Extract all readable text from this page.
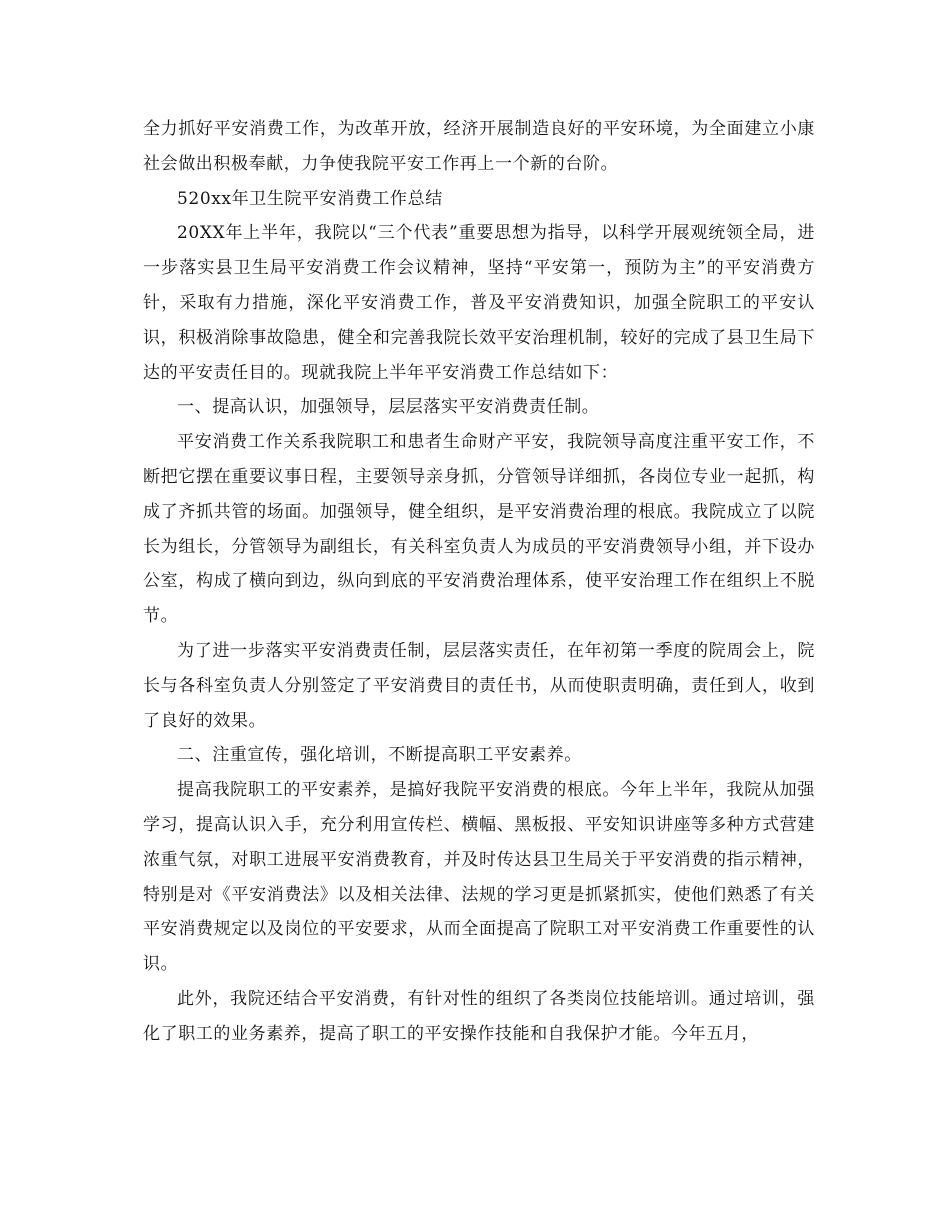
全力抓好平安消费工作，为改革开放，经济开展制造良好的平安环境，为全面建立小康社会做出积极奉献，力争使我院平安工作再上一个新的台阶。

520xx年卫生院平安消费工作总结

20XX年上半年，我院以“三个代表”重要思想为指导，以科学开展观统领全局，进一步落实县卫生局平安消费工作会议精神，坚持“平安第一，预防为主”的平安消费方针，采取有力措施，深化平安消费工作，普及平安消费知识，加强全院职工的平安认识，积极消除事故隐患，健全和完善我院长效平安治理机制，较好的完成了县卫生局下达的平安责任目的。现就我院上半年平安消费工作总结如下：

一、提高认识，加强领导，层层落实平安消费责任制。

平安消费工作关系我院职工和患者生命财产平安，我院领导高度注重平安工作，不断把它摆在重要议事日程，主要领导亲身抓，分管领导详细抓，各岗位专业一起抓，构成了齐抓共管的场面。加强领导，健全组织，是平安消费治理的根底。我院成立了以院长为组长，分管领导为副组长，有关科室负责人为成员的平安消费领导小组，并下设办公室，构成了横向到边，纵向到底的平安消费治理体系，使平安治理工作在组织上不脱节。

为了进一步落实平安消费责任制，层层落实责任，在年初第一季度的院周会上，院长与各科室负责人分别签定了平安消费目的责任书，从而使职责明确，责任到人，收到了良好的效果。

二、注重宣传，强化培训，不断提高职工平安素养。

提高我院职工的平安素养，是搞好我院平安消费的根底。今年上半年，我院从加强学习，提高认识入手，充分利用宣传栏、横幅、黑板报、平安知识讲座等多种方式营建浓重气氛，对职工进展平安消费教育，并及时传达县卫生局关于平安消费的指示精神，特别是对《平安消费法》以及相关法律、法规的学习更是抓紧抓实，使他们熟悉了有关平安消费规定以及岗位的平安要求，从而全面提高了院职工对平安消费工作重要性的认识。

此外，我院还结合平安消费，有针对性的组织了各类岗位技能培训。通过培训，强化了职工的业务素养，提高了职工的平安操作技能和自我保护才能。今年五月，
